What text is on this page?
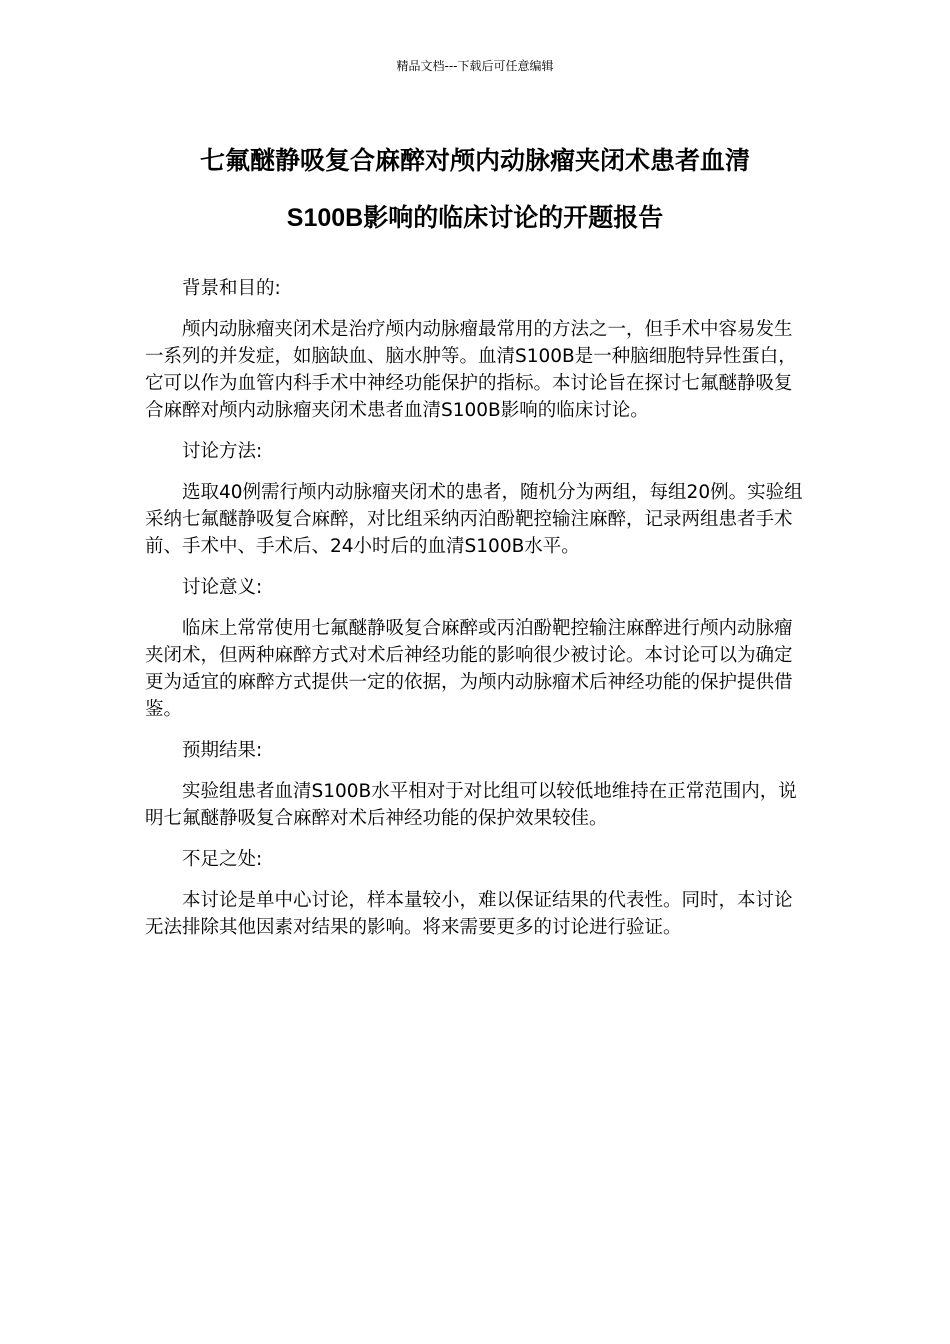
精品文档---下载后可任意编辑
七氟醚静吸复合麻醉对颅内动脉瘤夹闭术患者血清
S100B影响的临床讨论的开题报告

背景和目的:

颅内动脉瘤夹闭术是治疗颅内动脉瘤最常用的方法之一，但手术中容易发生一系列的并发症，如脑缺血、脑水肿等。血清S100B是一种脑细胞特异性蛋白，它可以作为血管内科手术中神经功能保护的指标。本讨论旨在探讨七氟醚静吸复合麻醉对颅内动脉瘤夹闭术患者血清S100B影响的临床讨论。

讨论方法:

选取40例需行颅内动脉瘤夹闭术的患者，随机分为两组，每组20例。实验组采纳七氟醚静吸复合麻醉，对比组采纳丙泊酚靶控输注麻醉，记录两组患者手术前、手术中、手术后、24小时后的血清S100B水平。

讨论意义:

临床上常常使用七氟醚静吸复合麻醉或丙泊酚靶控输注麻醉进行颅内动脉瘤夹闭术，但两种麻醉方式对术后神经功能的影响很少被讨论。本讨论可以为确定更为适宜的麻醉方式提供一定的依据，为颅内动脉瘤术后神经功能的保护提供借鉴。

预期结果:

实验组患者血清S100B水平相对于对比组可以较低地维持在正常范围内，说明七氟醚静吸复合麻醉对术后神经功能的保护效果较佳。

不足之处:

本讨论是单中心讨论，样本量较小，难以保证结果的代表性。同时，本讨论无法排除其他因素对结果的影响。将来需要更多的讨论进行验证。
